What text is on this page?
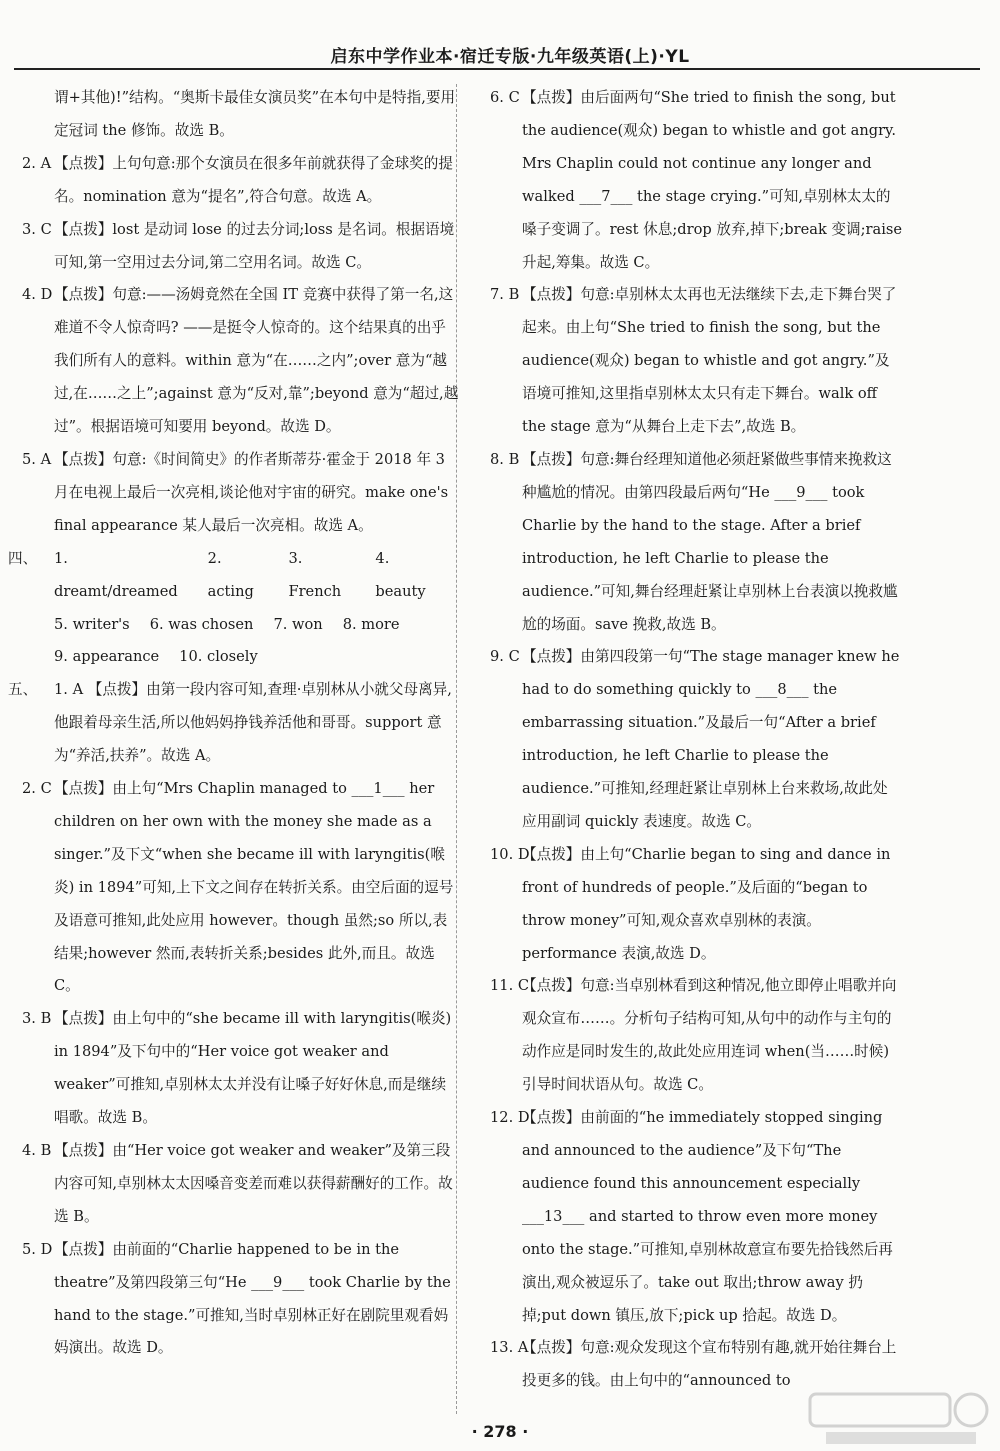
启东中学作业本·宿迁专版·九年级英语(上)·YL
谓+其他)!”结构。“奥斯卡最佳女演员奖”在本句中是特指,要用定冠词 the 修饰。故选 B。
2. A 【点拨】上句句意:那个女演员在很多年前就获得了金球奖的提名。nomination 意为“提名”,符合句意。故选 A。
3. C 【点拨】lost 是动词 lose 的过去分词;loss 是名词。根据语境可知,第一空用过去分词,第二空用名词。故选 C。
4. D 【点拨】句意:——汤姆竟然在全国 IT 竞赛中获得了第一名,这难道不令人惊奇吗? ——是挺令人惊奇的。这个结果真的出乎我们所有人的意料。within 意为“在……之内”;over 意为“越过,在……之上”;against 意为“反对,靠”;beyond 意为“超过,越过”。根据语境可知要用 beyond。故选 D。
5. A 【点拨】句意:《时间简史》的作者斯蒂芬·霍金于 2018 年 3 月在电视上最后一次亮相,谈论他对宇宙的研究。make one's final appearance 某人最后一次亮相。故选 A。
四、 1. dreamt/dreamed
2. acting
3. French
4. beauty
5. writer's 6. was chosen 7. won 8. more
9. appearance 10. closely
五、 1. A 【点拨】由第一段内容可知,查理·卓别林从小就父母离异,他跟着母亲生活,所以他妈妈挣钱养活他和哥哥。support 意为“养活,扶养”。故选 A。
2. C 【点拨】由上句“Mrs Chaplin managed to ___1___ her children on her own with the money she made as a singer.”及下文“when she became ill with laryngitis(喉炎) in 1894”可知,上下文之间存在转折关系。由空后面的逗号及语意可推知,此处应用 however。though 虽然;so 所以,表结果;however 然而,表转折关系;besides 此外,而且。故选 C。
3. B 【点拨】由上句中的“she became ill with laryngitis(喉炎) in 1894”及下句中的“Her voice got weaker and weaker”可推知,卓别林太太并没有让嗓子好好休息,而是继续唱歌。故选 B。
4. B 【点拨】由“Her voice got weaker and weaker”及第三段内容可知,卓别林太太因嗓音变差而难以获得薪酬好的工作。故选 B。
5. D 【点拨】由前面的“Charlie happened to be in the theatre”及第四段第三句“He ___9___ took Charlie by the hand to the stage.”可推知,当时卓别林正好在剧院里观看妈妈演出。故选 D。
6. C 【点拨】由后面两句“She tried to finish the song, but the audience(观众) began to whistle and got angry. Mrs Chaplin could not continue any longer and walked ___7___ the stage crying.”可知,卓别林太太的嗓子变调了。rest 休息;drop 放弃,掉下;break 变调;raise 升起,筹集。故选 C。
7. B 【点拨】句意:卓别林太太再也无法继续下去,走下舞台哭了起来。由上句“She tried to finish the song, but the audience(观众) began to whistle and got angry.”及语境可推知,这里指卓别林太太只有走下舞台。walk off the stage 意为“从舞台上走下去”,故选 B。
8. B 【点拨】句意:舞台经理知道他必须赶紧做些事情来挽救这种尴尬的情况。由第四段最后两句“He ___9___ took Charlie by the hand to the stage. After a brief introduction, he left Charlie to please the audience.”可知,舞台经理赶紧让卓别林上台表演以挽救尴尬的场面。save 挽救,故选 B。
9. C 【点拨】由第四段第一句“The stage manager knew he had to do something quickly to ___8___ the embarrassing situation.”及最后一句“After a brief introduction, he left Charlie to please the audience.”可推知,经理赶紧让卓别林上台来救场,故此处应用副词 quickly 表速度。故选 C。
10. D
【点拨】由上句“Charlie began to sing and dance in front of hundreds of people.”及后面的“began to throw money”可知,观众喜欢卓别林的表演。performance 表演,故选 D。
11. C
【点拨】句意:当卓别林看到这种情况,他立即停止唱歌并向观众宣布……。分析句子结构可知,从句中的动作与主句的动作应是同时发生的,故此处应用连词 when(当……时候)引导时间状语从句。故选 C。
12. D
【点拨】由前面的“he immediately stopped singing and announced to the audience”及下句“The audience found this announcement especially ___13___ and started to throw even more money onto the stage.”可推知,卓别林故意宣布要先拾钱然后再演出,观众被逗乐了。take out 取出;throw away 扔掉;put down 镇压,放下;pick up 拾起。故选 D。
13. A
【点拨】句意:观众发现这个宣布特别有趣,就开始往舞台上投更多的钱。由上句中的“announced to
· 278 ·
